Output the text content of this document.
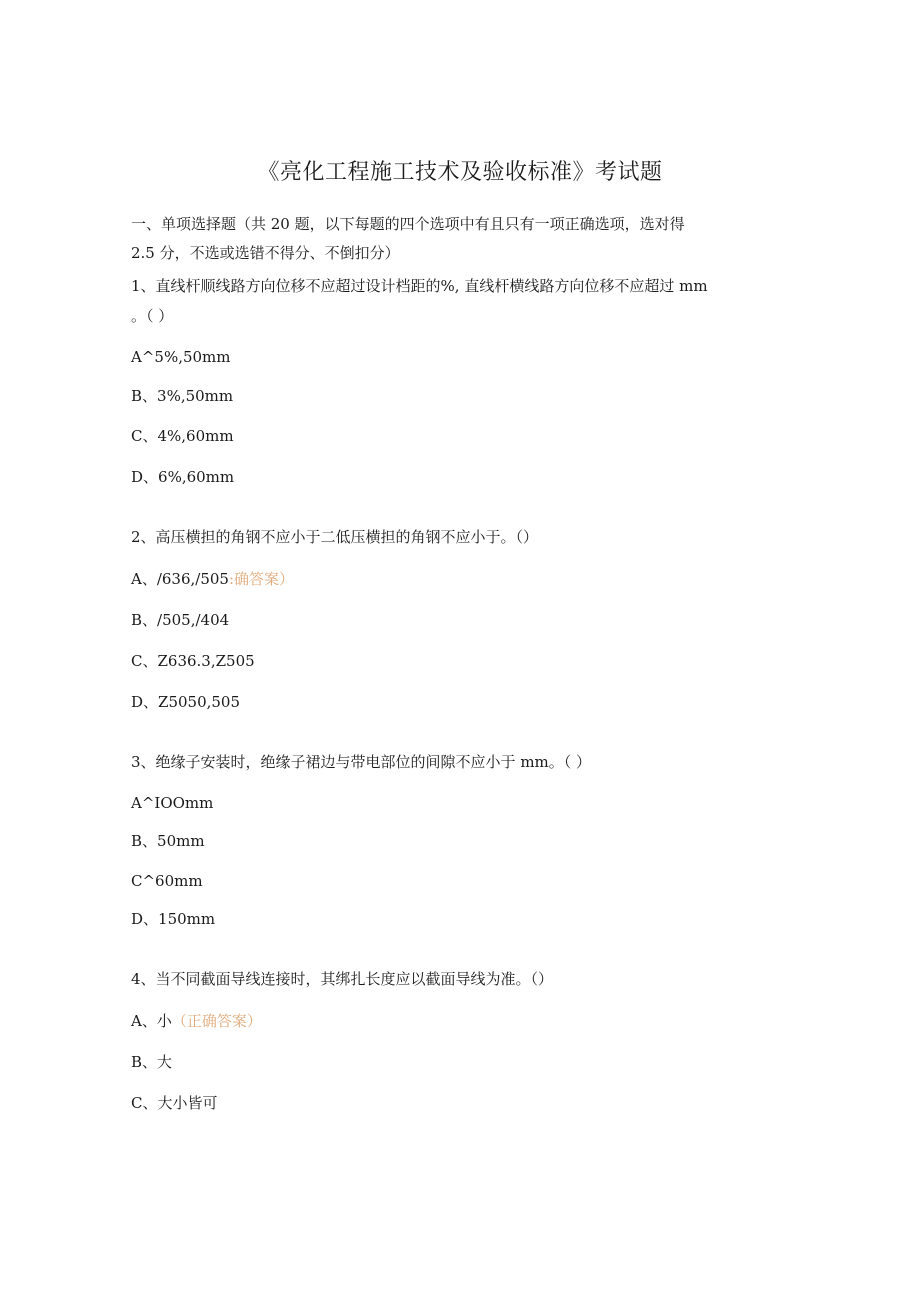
《亮化工程施工技术及验收标准》考试题
一、单项选择题（共 20 题，以下每题的四个选项中有且只有一项正确选项，选对得
2.5 分，不选或选错不得分、不倒扣分）
1、直线杆顺线路方向位移不应超过设计档距的%, 直线杆横线路方向位移不应超过 mm
。（ ）
A^5%,50mm
B、3%,50mm
C、4%,60mm
D、6%,60mm
2、高压横担的角钢不应小于二低压横担的角钢不应小于。（）
A、/636,/505:确答案）
B、/505,/404
C、Z636.3,Z505
D、Z5050,505
3、绝缘子安装时，绝缘子裙边与带电部位的间隙不应小于 mm。（ ）
A^IOOmm
B、50mm
C^60mm
D、150mm
4、当不同截面导线连接时，其绑扎长度应以截面导线为准。（）
A、小（正确答案）
B、大
C、大小皆可
